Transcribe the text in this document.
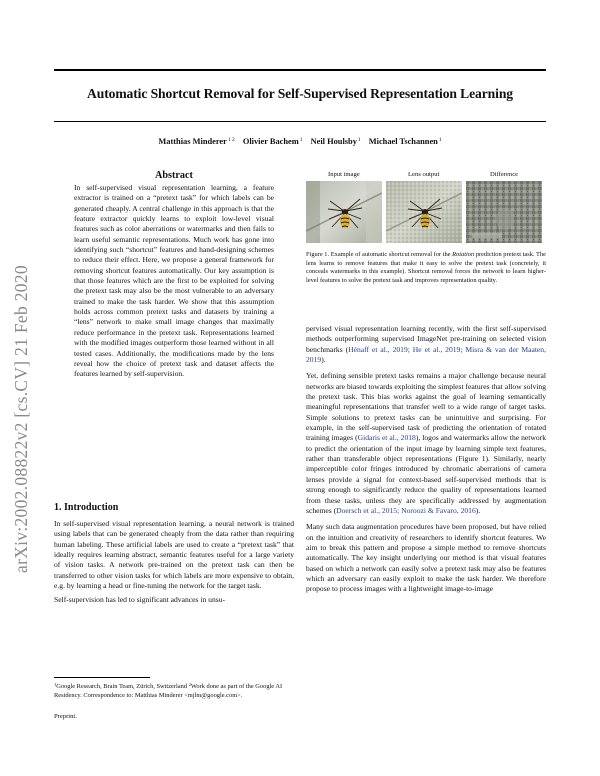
Automatic Shortcut Removal for Self-Supervised Representation Learning
Matthias Minderer$^{1 2}$ Olivier Bachem$^1$ Neil Houlsby$^1$ Michael Tschannen$^1$
arXiv:2002.08822v2 [cs.CV] 21 Feb 2020
Abstract

In self-supervised visual representation learning, a feature extractor is trained on a “pretext task” for which labels can be generated cheaply. A central challenge in this approach is that the feature extractor quickly learns to exploit low-level visual features such as color aberrations or watermarks and then fails to learn useful semantic representations. Much work has gone into identifying such “shortcut” features and hand-designing schemes to reduce their effect. Here, we propose a general framework for removing shortcut features automatically. Our key assumption is that those features which are the first to be exploited for solving the pretext task may also be the most vulnerable to an adversary trained to make the task harder. We show that this assumption holds across common pretext tasks and datasets by training a “lens” network to make small image changes that maximally reduce performance in the pretext task. Representations learned with the modified images outperform those learned without in all tested cases. Additionally, the modifications made by the lens reveal how the choice of pretext task and dataset affects the features learned by self-supervision.

1. Introduction

In self-supervised visual representation learning, a neural network is trained using labels that can be generated cheaply from the data rather than requiring human labeling. These artificial labels are used to create a “pretext task” that ideally requires learning abstract, semantic features useful for a large variety of vision tasks. A network pre-trained on the pretext task can then be transferred to other vision tasks for which labels are more expensive to obtain, e.g. by learning a head or fine-tuning the network for the target task.

Self-supervision has led to significant advances in unsu-

$^1$Google Research, Brain Team, Zürich, Switzerland $^2$Work done as part of the Google AI Residency. Correspondence to: Matthias Minderer <mjlm@google.com>.
Preprint.
Input image	Lens output	Difference
Figure 1. Example of automatic shortcut removal for the Rotation prediction pretext task. The lens learns to remove features that make it easy to solve the pretext task (concretely, it conceals watermarks in this example). Shortcut removal forces the network to learn higher-level features to solve the pretext task and improves representation quality.

pervised visual representation learning recently, with the first self-supervised methods outperforming supervised ImageNet pre-training on selected vision benchmarks (Hénaff et al., 2019; He et al., 2019; Misra & van der Maaten, 2019).

Yet, defining sensible pretext tasks remains a major challenge because neural networks are biased towards exploiting the simplest features that allow solving the pretext task. This bias works against the goal of learning semantically meaningful representations that transfer well to a wide range of target tasks. Simple solutions to pretext tasks can be unintuitive and surprising. For example, in the self-supervised task of predicting the orientation of rotated training images (Gidaris et al., 2018), logos and watermarks allow the network to predict the orientation of the input image by learning simple text features, rather than transferable object representations (Figure 1). Similarly, nearly imperceptible color fringes introduced by chromatic aberrations of camera lenses provide a signal for context-based self-supervised methods that is strong enough to significantly reduce the quality of representations learned from these tasks, unless they are specifically addressed by augmentation schemes (Doersch et al., 2015; Noroozi & Favaro, 2016).

Many such data augmentation procedures have been proposed, but have relied on the intuition and creativity of researchers to identify shortcut features. We aim to break this pattern and propose a simple method to remove shortcuts automatically. The key insight underlying our method is that visual features based on which a network can easily solve a pretext task may also be features which an adversary can easily exploit to make the task harder. We therefore propose to process images with a lightweight image-to-image
